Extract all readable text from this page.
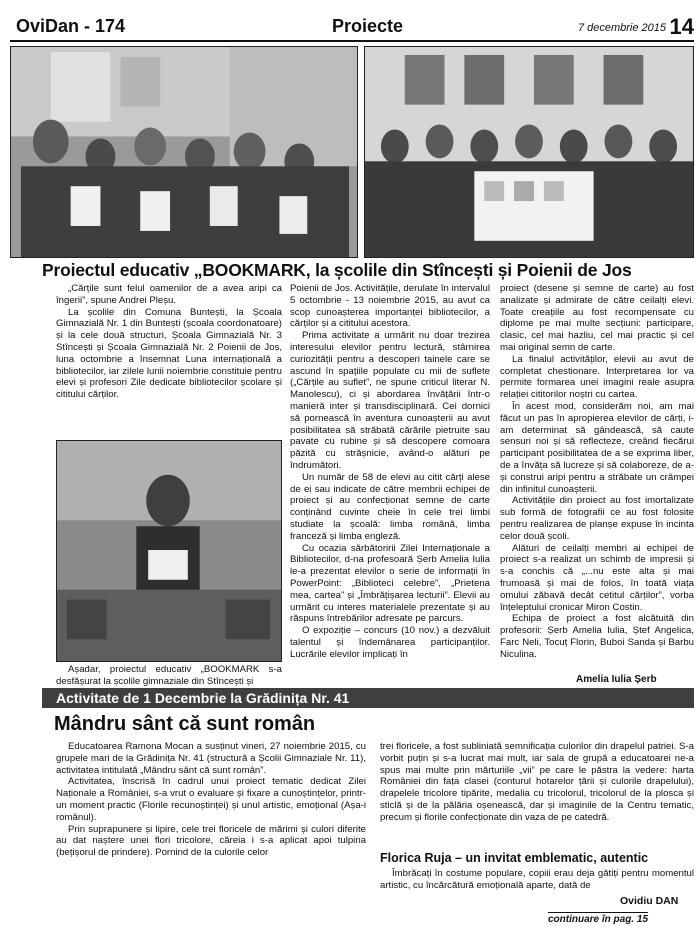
OviDan - 174	Proiecte	7 decembrie 2015 14
Proiectul educativ „BOOKMARK, la școlile din Stîncești și Poienii de Jos

„Cărțile sunt felul oamenilor de a avea aripi ca îngerii”, spune Andrei Pleșu.

La școlile din Comuna Buntești, la Școala Gimnazială Nr. 1 din Buntești (școala coordonatoare) și la cele două structuri, Școala Gimnazială Nr. 3 Stîncești și Școala Gimnazială Nr. 2 Poienii de Jos, luna octombrie a însemnat Luna internațională a bibliotecilor, iar zilele lunii noiembrie constituie pentru elevi și profesori Zile dedicate bibliotecilor școlare și cititului cărților.

Așadar, proiectul educativ „BOOKMARK s-a desfășurat la școlile gimnaziale din Stîncești și

Poienii de Jos. Activitățile, derulate în intervalul 5 octombrie - 13 noiembrie 2015, au avut ca scop cunoașterea importanței bibliotecilor, a cărților și a cititului acestora.

Prima activitate a urmărit nu doar trezirea interesului elevilor pentru lectură, stârnirea curiozității pentru a descoperi tainele care se ascund în spațiile populate cu mii de suflete („Cărțile au suflet”, ne spune criticul literar N. Manolescu), ci și abordarea învățării într-o manieră inter și transdisciplinară. Cei dornici să pornească în aventura cunoașterii au avut posibilitatea să străbată cărările pietruite sau pavate cu rubine și să descopere comoara păzită cu strășnicie, având-o alături pe îndrumători.

Un număr de 58 de elevi au citit cărți alese de ei sau indicate de către membrii echipei de proiect și au confecționat semne de carte conținând cuvinte cheie în cele trei limbi studiate la școală: limba română, limba franceză și limba engleză.

Cu ocazia sărbătoririi Zilei Internaționale a Bibliotecilor, d-na profesoară Șerb Amelia Iulia le-a prezentat elevilor o serie de informații în PowerPoint: „Biblioteci celebre”, „Prietena mea, cartea” și „Îmbrățișarea lecturii”. Elevii au urmărit cu interes materialele prezentate și au răspuns întrebărilor adresate pe parcurs.

O expoziție – concurs (10 nov.) a dezvăluit talentul și îndemânarea participanților. Lucrările elevilor implicați în

proiect (desene și semne de carte) au fost analizate și admirate de către ceilalți elevi. Toate creațiile au fost recompensate cu diplome pe mai multe secțiuni: participare, clasic, cel mai hazliu, cel mai practic și cel mai original semn de carte.

La finalul activităților, elevii au avut de completat chestionare. Interpretarea lor va permite formarea unei imagini reale asupra relației cititorilor noștri cu cartea.

În acest mod, considerăm noi, am mai făcut un pas în apropierea elevilor de cărți, i-am determinat să gândească, să caute sensuri noi și să reflecteze, creând fiecărui participant posibilitatea de a se exprima liber, de a învăța să lucreze și să colaboreze, de a-și construi aripi pentru a străbate un crâmpei din infinitul cunoașterii.

Activitățile din proiect au fost imortalizate sub formă de fotografii ce au fost folosite pentru realizarea de planșe expuse în incinta celor două școli.

Alături de ceilalți membri ai echipei de proiect s-a realizat un schimb de impresii și s-a conchis că „...nu este alta și mai frumoasă și mai de folos, în toată viața omului zăbavă decât cetitul cărților”, vorba înțeleptului cronicar Miron Costin.

Echipa de proiect a fost alcătuită din profesorii: Șerb Amelia Iulia, Ștef Angelica, Farc Neli, Tocuț Florin, Buboi Sanda și Barbu Niculina.

Amelia Iulia Șerb
Activitate de 1 Decembrie la Grădinița Nr. 41
Mândru sânt că sunt român

Educatoarea Ramona Mocan a susținut vineri, 27 noiembrie 2015, cu grupele mari de la Grădinița Nr. 41 (structură a Școlii Gimnaziale Nr. 11), activitatea intitulată „Mândru sânt că sunt român”.

Activitatea, înscrisă în cadrul unui proiect tematic dedicat Zilei Naționale a României, s-a vrut o evaluare și fixare a cunoștințelor, printr-un moment practic (Florile recunoștinței) și unul artistic, emoțional (Așa-i românul).

Prin suprapunere și lipire, cele trei floricele de mărimi și culori diferite au dat naștere unei flori tricolore, căreia i s-a aplicat apoi tulpina (bețișorul de prindere). Pornind de la culorile celor

trei floricele, a fost subliniată semnificația culorilor din drapelul patriei. S-a vorbit puțin și s-a lucrat mai mult, iar sala de grupă a educatoarei ne-a spus mai multe prin mărturiile „vii” pe care le păstra la vedere: harta României din fața clasei (conturul hotarelor țării și culorile drapelului), drapelele tricolore tipărite, medalia cu tricolorul, tricolorul de la plosca și sticlă și de la pălăria oșenească, dar și imaginile de la Centru tematic, precum și florile confecționate din vaza de pe catedră.

Florica Ruja – un invitat emblematic, autentic

Îmbrăcați în costume populare, copiii erau deja gătiți pentru momentul artistic, cu încărcătură emoțională aparte, dată de

Ovidiu DAN
continuare în pag. 15
